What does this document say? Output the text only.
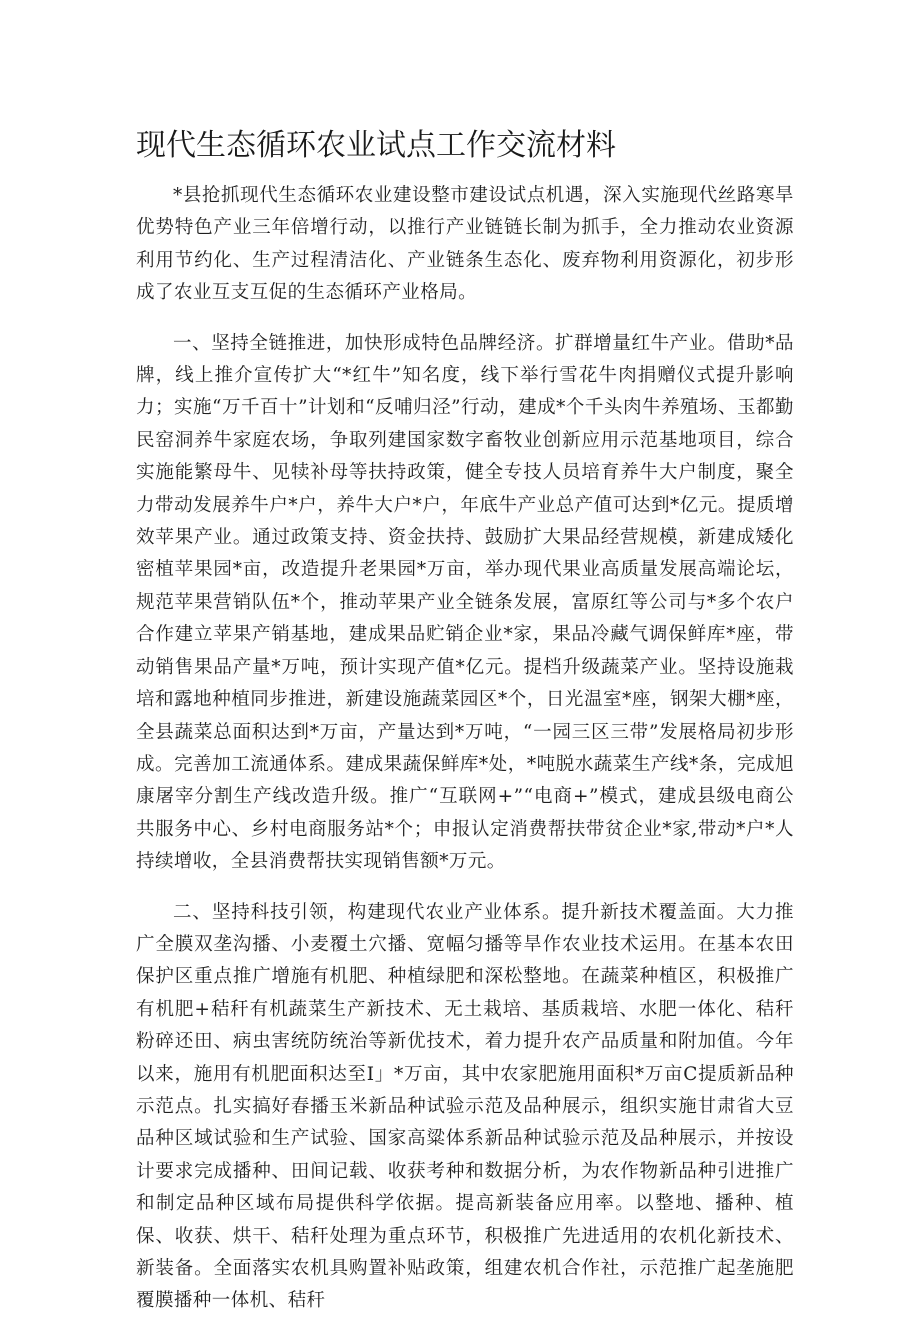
现代生态循环农业试点工作交流材料

*县抢抓现代生态循环农业建设整市建设试点机遇，深入实施现代丝路寒旱优势特色产业三年倍增行动，以推行产业链链长制为抓手，全力推动农业资源利用节约化、生产过程清洁化、产业链条生态化、废弃物利用资源化，初步形成了农业互支互促的生态循环产业格局。

一、坚持全链推进，加快形成特色品牌经济。扩群增量红牛产业。借助*品牌，线上推介宣传扩大“*红牛”知名度，线下举行雪花牛肉捐赠仪式提升影响力；实施“万千百十”计划和“反哺归泾”行动，建成*个千头肉牛养殖场、玉都勤民窑洞养牛家庭农场，争取列建国家数字畜牧业创新应用示范基地项目，综合实施能繁母牛、见犊补母等扶持政策，健全专技人员培育养牛大户制度，聚全力带动发展养牛户*户，养牛大户*户，年底牛产业总产值可达到*亿元。提质增效苹果产业。通过政策支持、资金扶持、鼓励扩大果品经营规模，新建成矮化密植苹果园*亩，改造提升老果园*万亩，举办现代果业高质量发展高端论坛，规范苹果营销队伍*个，推动苹果产业全链条发展，富原红等公司与*多个农户合作建立苹果产销基地，建成果品贮销企业*家，果品冷藏气调保鲜库*座，带动销售果品产量*万吨，预计实现产值*亿元。提档升级蔬菜产业。坚持设施栽培和露地种植同步推进，新建设施蔬菜园区*个，日光温室*座，钢架大棚*座，全县蔬菜总面积达到*万亩，产量达到*万吨，“一园三区三带”发展格局初步形成。完善加工流通体系。建成果蔬保鲜库*处，*吨脱水蔬菜生产线*条，完成旭康屠宰分割生产线改造升级。推广“互联网+”“电商+”模式，建成县级电商公共服务中心、乡村电商服务站*个；申报认定消费帮扶带贫企业*家,带动*户*人持续增收，全县消费帮扶实现销售额*万元。

二、坚持科技引领，构建现代农业产业体系。提升新技术覆盖面。大力推广全膜双垄沟播、小麦覆土穴播、宽幅匀播等旱作农业技术运用。在基本农田保护区重点推广增施有机肥、种植绿肥和深松整地。在蔬菜种植区，积极推广有机肥+秸秆有机蔬菜生产新技术、无土栽培、基质栽培、水肥一体化、秸秆粉碎还田、病虫害统防统治等新优技术，着力提升农产品质量和附加值。今年以来，施用有机肥面积达至I」*万亩，其中农家肥施用面积*万亩C提质新品种示范点。扎实搞好春播玉米新品种试验示范及品种展示，组织实施甘肃省大豆品种区域试验和生产试验、国家高粱体系新品种试验示范及品种展示，并按设计要求完成播种、田间记载、收获考种和数据分析，为农作物新品种引进推广和制定品种区域布局提供科学依据。提高新装备应用率。以整地、播种、植保、收获、烘干、秸秆处理为重点环节，积极推广先进适用的农机化新技术、新装备。全面落实农机具购置补贴政策，组建农机合作社，示范推广起垄施肥覆膜播种一体机、秸秆
